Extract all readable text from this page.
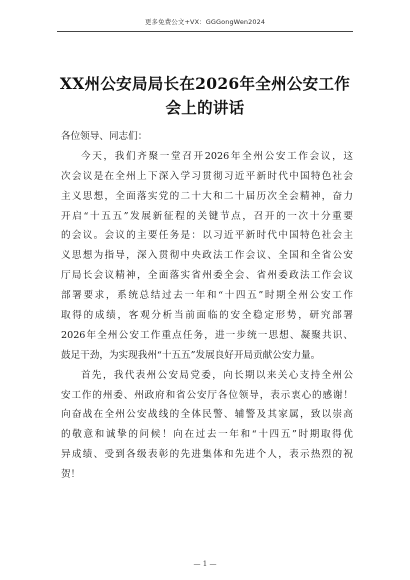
更多免费公文+VX：GGGongWen2024
XX州公安局局长在2026年全州公安工作
会上的讲话
各位领导、同志们：
今天，我们齐聚一堂召开2026年全州公安工作会议，这
次会议是在全州上下深入学习贯彻习近平新时代中国特色社会
主义思想，全面落实党的二十大和二十届历次全会精神，奋力
开启“十五五”发展新征程的关键节点，召开的一次十分重要
的会议。会议的主要任务是：以习近平新时代中国特色社会主
义思想为指导，深入贯彻中央政法工作会议、全国和全省公安
厅局长会议精神，全面落实省州委全会、省州委政法工作会议
部署要求，系统总结过去一年和“十四五”时期全州公安工作
取得的成绩，客观分析当前面临的安全稳定形势，研究部署
2026年全州公安工作重点任务，进一步统一思想、凝聚共识、
鼓足干劲，为实现我州“十五五”发展良好开局贡献公安力量。
首先，我代表州公安局党委，向长期以来关心支持全州公
安工作的州委、州政府和省公安厅各位领导，表示衷心的感谢！
向奋战在全州公安战线的全体民警、辅警及其家属，致以崇高
的敬意和诚挚的问候！向在过去一年和“十四五”时期取得优
异成绩、受到各级表彰的先进集体和先进个人，表示热烈的祝
贺！
— 1 —
